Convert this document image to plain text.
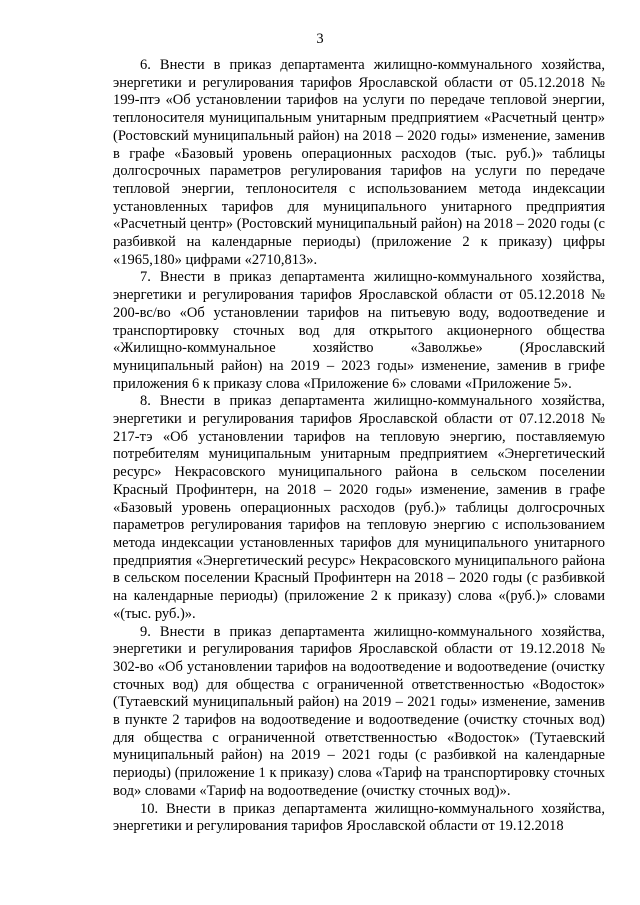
3

6. Внести в приказ департамента жилищно-коммунального хозяйства, энергетики и регулирования тарифов Ярославской области от 05.12.2018 № 199-птэ «Об установлении тарифов на услуги по передаче тепловой энергии, теплоносителя муниципальным унитарным предприятием «Расчетный центр» (Ростовский муниципальный район) на 2018 – 2020 годы» изменение, заменив в графе «Базовый уровень операционных расходов (тыс. руб.)» таблицы долгосрочных параметров регулирования тарифов на услуги по передаче тепловой энергии, теплоносителя с использованием метода индексации установленных тарифов для муниципального унитарного предприятия «Расчетный центр» (Ростовский муниципальный район) на 2018 – 2020 годы (с разбивкой на календарные периоды) (приложение 2 к приказу) цифры «1965,180» цифрами «2710,813».

7. Внести в приказ департамента жилищно-коммунального хозяйства, энергетики и регулирования тарифов Ярославской области от 05.12.2018 № 200-вс/во «Об установлении тарифов на питьевую воду, водоотведение и транспортировку сточных вод для открытого акционерного общества «Жилищно-коммунальное хозяйство «Заволжье» (Ярославский муниципальный район) на 2019 – 2023 годы» изменение, заменив в грифе приложения 6 к приказу слова «Приложение 6» словами «Приложение 5».

8. Внести в приказ департамента жилищно-коммунального хозяйства, энергетики и регулирования тарифов Ярославской области от 07.12.2018 № 217-тэ «Об установлении тарифов на тепловую энергию, поставляемую потребителям муниципальным унитарным предприятием «Энергетический ресурс» Некрасовского муниципального района в сельском поселении Красный Профинтерн, на 2018 – 2020 годы» изменение, заменив в графе «Базовый уровень операционных расходов (руб.)» таблицы долгосрочных параметров регулирования тарифов на тепловую энергию с использованием метода индексации установленных тарифов для муниципального унитарного предприятия «Энергетический ресурс» Некрасовского муниципального района в сельском поселении Красный Профинтерн на 2018 – 2020 годы (с разбивкой на календарные периоды) (приложение 2 к приказу) слова «(руб.)» словами «(тыс. руб.)».

9. Внести в приказ департамента жилищно-коммунального хозяйства, энергетики и регулирования тарифов Ярославской области от 19.12.2018 № 302-во «Об установлении тарифов на водоотведение и водоотведение (очистку сточных вод) для общества с ограниченной ответственностью «Водосток» (Тутаевский муниципальный район) на 2019 – 2021 годы» изменение, заменив в пункте 2 тарифов на водоотведение и водоотведение (очистку сточных вод) для общества с ограниченной ответственностью «Водосток» (Тутаевский муниципальный район) на 2019 – 2021 годы (с разбивкой на календарные периоды) (приложение 1 к приказу) слова «Тариф на транспортировку сточных вод» словами «Тариф на водоотведение (очистку сточных вод)».

10. Внести в приказ департамента жилищно-коммунального хозяйства, энергетики и регулирования тарифов Ярославской области от 19.12.2018
